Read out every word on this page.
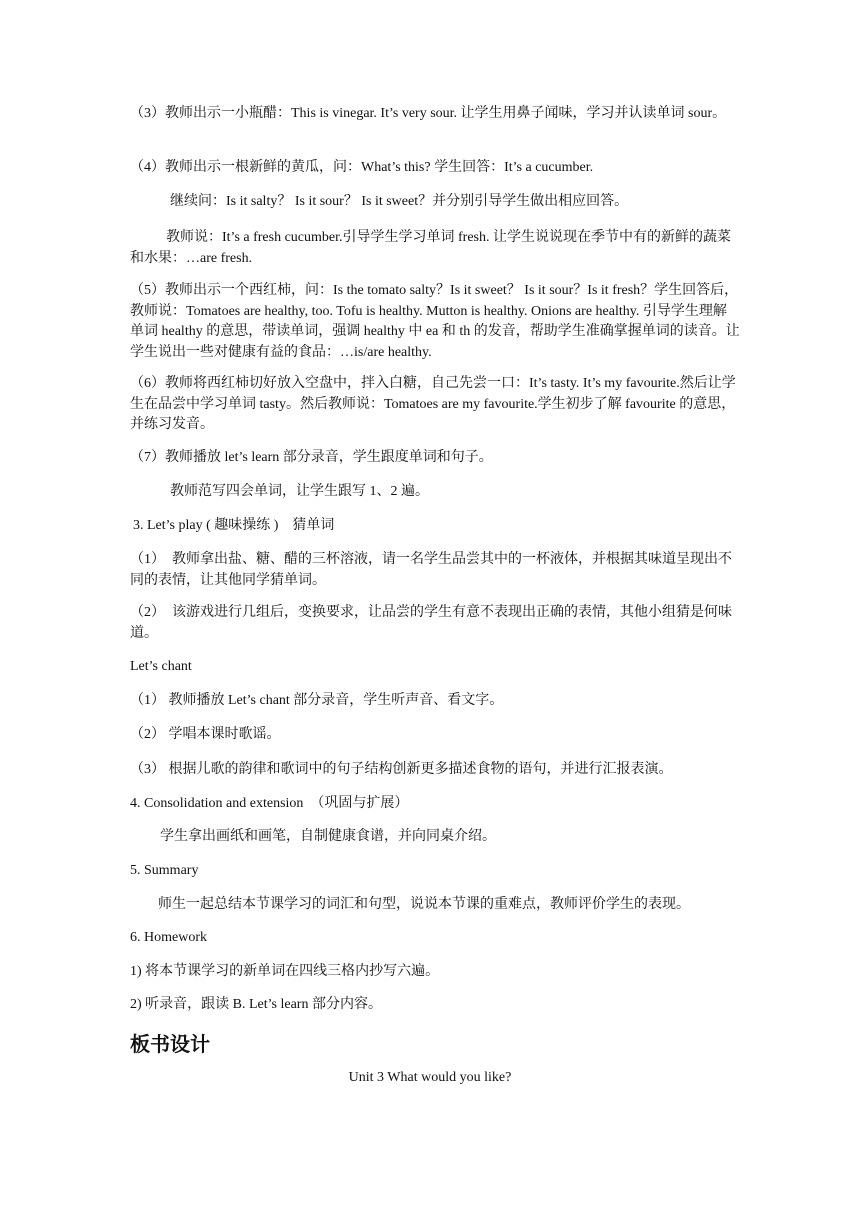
（3）教师出示一小瓶醋：This is vinegar. It’s very sour. 让学生用鼻子闻味，学习并认读单词 sour。

（4）教师出示一根新鲜的黄瓜，问：What’s this? 学生回答：It’s a cucumber.

继续问：Is it salty？ Is it sour？ Is it sweet？并分别引导学生做出相应回答。

教师说：It’s a fresh cucumber.引导学生学习单词 fresh. 让学生说说现在季节中有的新鲜的蔬菜和水果：…are fresh.

（5）教师出示一个西红柿，问：Is the tomato salty？Is it sweet？ Is it sour？Is it fresh？学生回答后，教师说：Tomatoes are healthy, too. Tofu is healthy. Mutton is healthy. Onions are healthy. 引导学生理解单词 healthy 的意思，带读单词，强调 healthy 中 ea 和 th 的发音，帮助学生准确掌握单词的读音。让学生说出一些对健康有益的食品：…is/are healthy.

（6）教师将西红柿切好放入空盘中，拌入白糖，自己先尝一口：It’s tasty. It’s my favourite.然后让学生在品尝中学习单词 tasty。然后教师说：Tomatoes are my favourite.学生初步了解 favourite 的意思，并练习发音。

（7）教师播放 let’s learn 部分录音，学生跟度单词和句子。

教师范写四会单词，让学生跟写 1、2 遍。

3. Let’s play ( 趣味操练 )　猜单词

（1）　教师拿出盐、糖、醋的三杯溶液，请一名学生品尝其中的一杯液体，并根据其味道呈现出不同的表情，让其他同学猜单词。

（2）　该游戏进行几组后，变换要求，让品尝的学生有意不表现出正确的表情，其他小组猜是何味道。

Let’s chant

（1） 教师播放 Let’s chant 部分录音，学生听声音、看文字。

（2） 学唱本课时歌谣。

（3） 根据儿歌的韵律和歌词中的句子结构创新更多描述食物的语句，并进行汇报表演。

4. Consolidation and extension　（巩固与扩展）

学生拿出画纸和画笔，自制健康食谱，并向同桌介绍。

5. Summary

师生一起总结本节课学习的词汇和句型，说说本节课的重难点，教师评价学生的表现。

6. Homework

1) 将本节课学习的新单词在四线三格内抄写六遍。

2) 听录音，跟读 B. Let’s learn 部分内容。

板书设计

Unit 3 What would you like?
